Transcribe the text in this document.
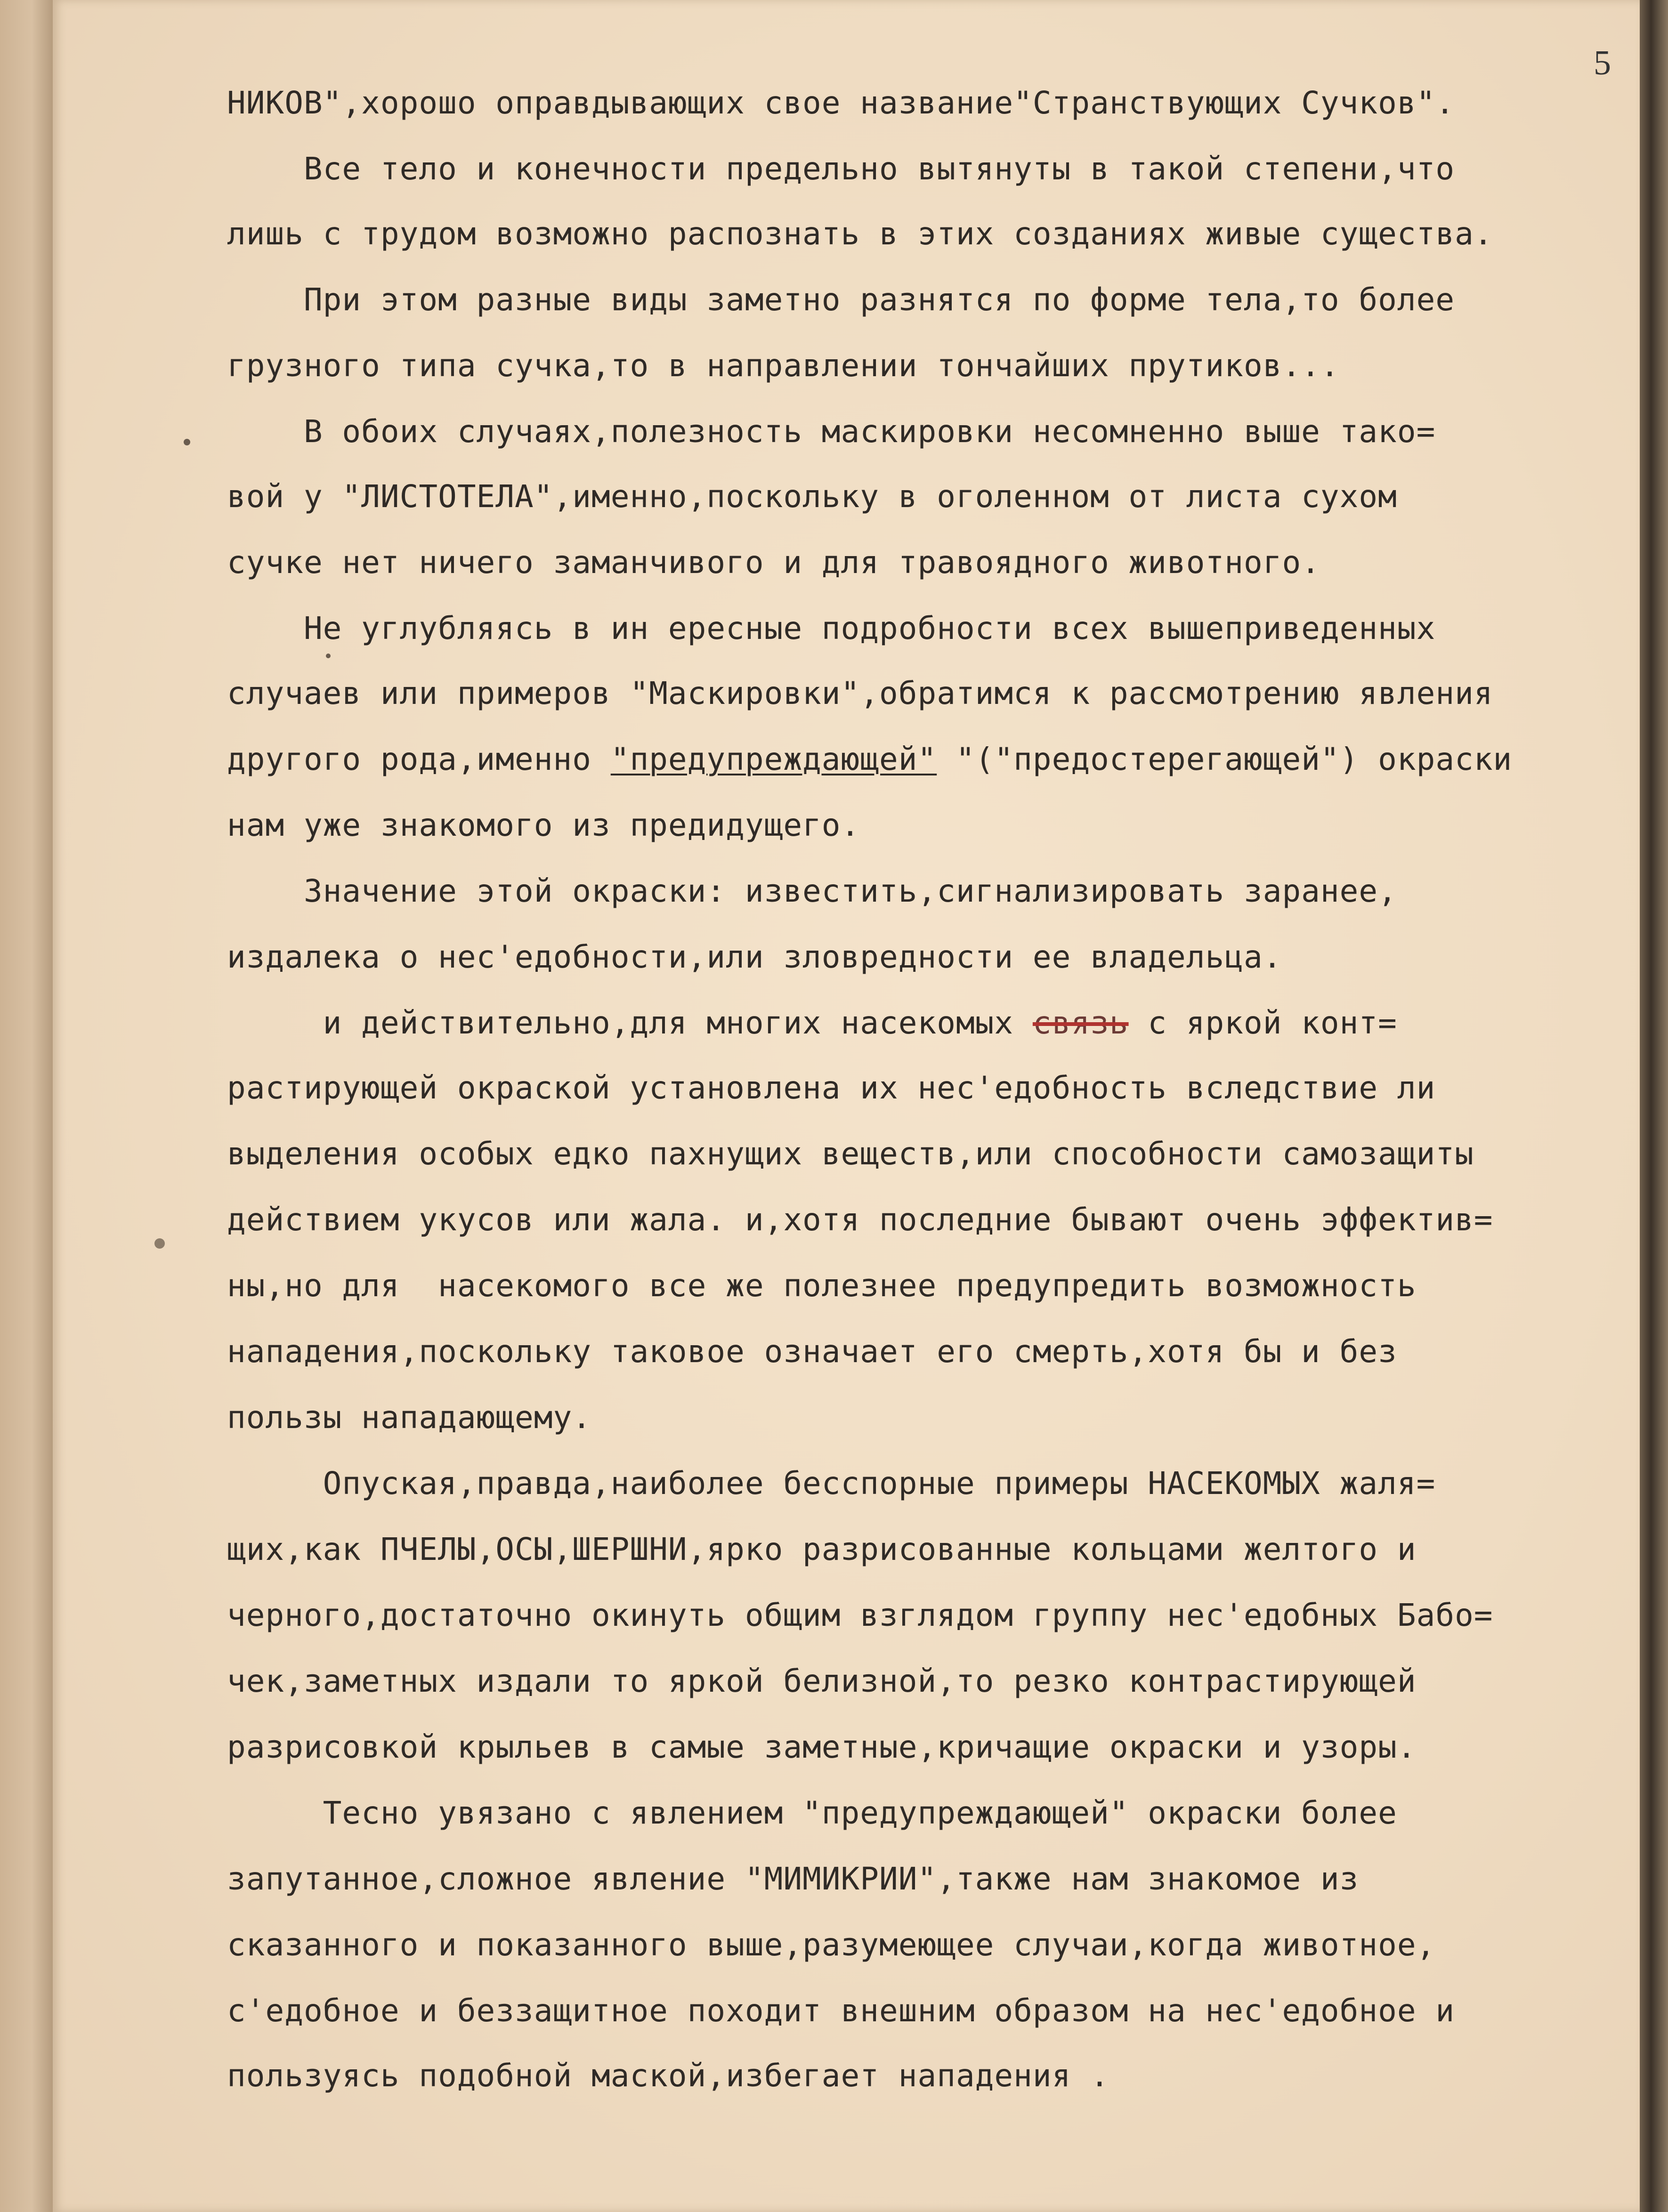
5
НИКОВ",хорошо оправдывающих свое название"Странствующих Сучков".
Все тело и конечности предельно вытянуты в такой степени,что
лишь с трудом возможно распознать в этих созданиях живые существа.
При этом разные виды заметно разнятся по форме тела,то более
грузного типа сучка,то в направлении тончайших прутиков...
В обоих случаях,полезность маскировки несомненно выше тако=
вой у "ЛИСТОТЕЛА",именно,поскольку в оголенном от листа сухом
сучке нет ничего заманчивого и для травоядного животного.
Не углубляясь в ин ересные подробности всех вышеприведенных
случаев или примеров "Маскировки",обратимся к рассмотрению явления
другого рода,именно "предупреждающей" "("предостерегающей") окраски
нам уже знакомого из предидущего.
Значение этой окраски: известить,сигнализировать заранее,
издалека о нес'едобности,или зловредности ее владельца.
и действительно,для многих насекомых связь с яркой конт=
растирующей окраской установлена их нес'едобность вследствие ли
выделения особых едко пахнущих веществ,или способности самозащиты
действием укусов или жала. и,хотя последние бывают очень эффектив=
ны,но для  насекомого все же полезнее предупредить возможность
нападения,поскольку таковое означает его смерть,хотя бы и без
пользы нападающему.
Опуская,правда,наиболее бесспорные примеры НАСЕКОМЫХ жаля=
щих,как ПЧЕЛЫ,ОСЫ,ШЕРШНИ,ярко разрисованные кольцами желтого и
черного,достаточно окинуть общим взглядом группу нес'едобных Бабо=
чек,заметных издали то яркой белизной,то резко контрастирующей
разрисовкой крыльев в самые заметные,кричащие окраски и узоры.
Тесно увязано с явлением "предупреждающей" окраски более
запутанное,сложное явление "МИМИКРИИ",также нам знакомое из
сказанного и показанного выше,разумеющее случаи,когда животное,
с'едобное и беззащитное походит внешним образом на нес'едобное и
пользуясь подобной маской,избегает нападения .
